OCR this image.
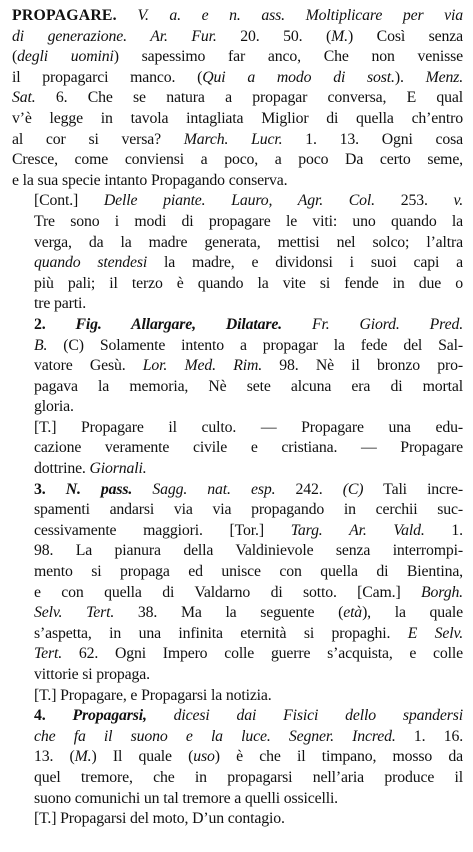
PROPAGARE. V. a. e n. ass. Moltiplicare per via
di generazione. Ar. Fur. 20. 50. (M.) Così senza
(degli uomini) sapessimo far anco, Che non venisse
il propagarci manco. (Qui a modo di sost.). Menz.
Sat. 6. Che se natura a propagar conversa, E qual
v’è legge in tavola intagliata Miglior di quella ch’entro
al cor si versa? March. Lucr. 1. 13. Ogni cosa
Cresce, come conviensi a poco, a poco Da certo seme,
e la sua specie intanto Propagando conserva.
[Cont.] Delle piante. Lauro, Agr. Col. 253. v.
Tre sono i modi di propagare le viti: uno quando la
verga, da la madre generata, mettisi nel solco; l’altra
quando stendesi la madre, e dividonsi i suoi capi a
più pali; il terzo è quando la vite si fende in due o
tre parti.
2. Fig. Allargare, Dilatare. Fr. Giord. Pred.
B. (C) Solamente intento a propagar la fede del Sal-
vatore Gesù. Lor. Med. Rim. 98. Nè il bronzo pro-
pagava la memoria, Nè sete alcuna era di mortal
gloria.
[T.] Propagare il culto. — Propagare una edu-
cazione veramente civile e cristiana. — Propagare
dottrine. Giornali.
3. N. pass. Sagg. nat. esp. 242. (C) Tali incre-
spamenti andarsi via via propagando in cerchii suc-
cessivamente maggiori. [Tor.] Targ. Ar. Vald. 1.
98. La pianura della Valdinievole senza interrompi-
mento si propaga ed unisce con quella di Bientina,
e con quella di Valdarno di sotto. [Cam.] Borgh.
Selv. Tert. 38. Ma la seguente (età), la quale
s’aspetta, in una infinita eternità si propaghi. E Selv.
Tert. 62. Ogni Impero colle guerre s’acquista, e colle
vittorie si propaga.
[T.] Propagare, e Propagarsi la notizia.
4. Propagarsi, dicesi dai Fisici dello spandersi
che fa il suono e la luce. Segner. Incred. 1. 16.
13. (M.) Il quale (uso) è che il timpano, mosso da
quel tremore, che in propagarsi nell’aria produce il
suono comunichi un tal tremore a quelli ossicelli.
[T.] Propagarsi del moto, D’un contagio.
